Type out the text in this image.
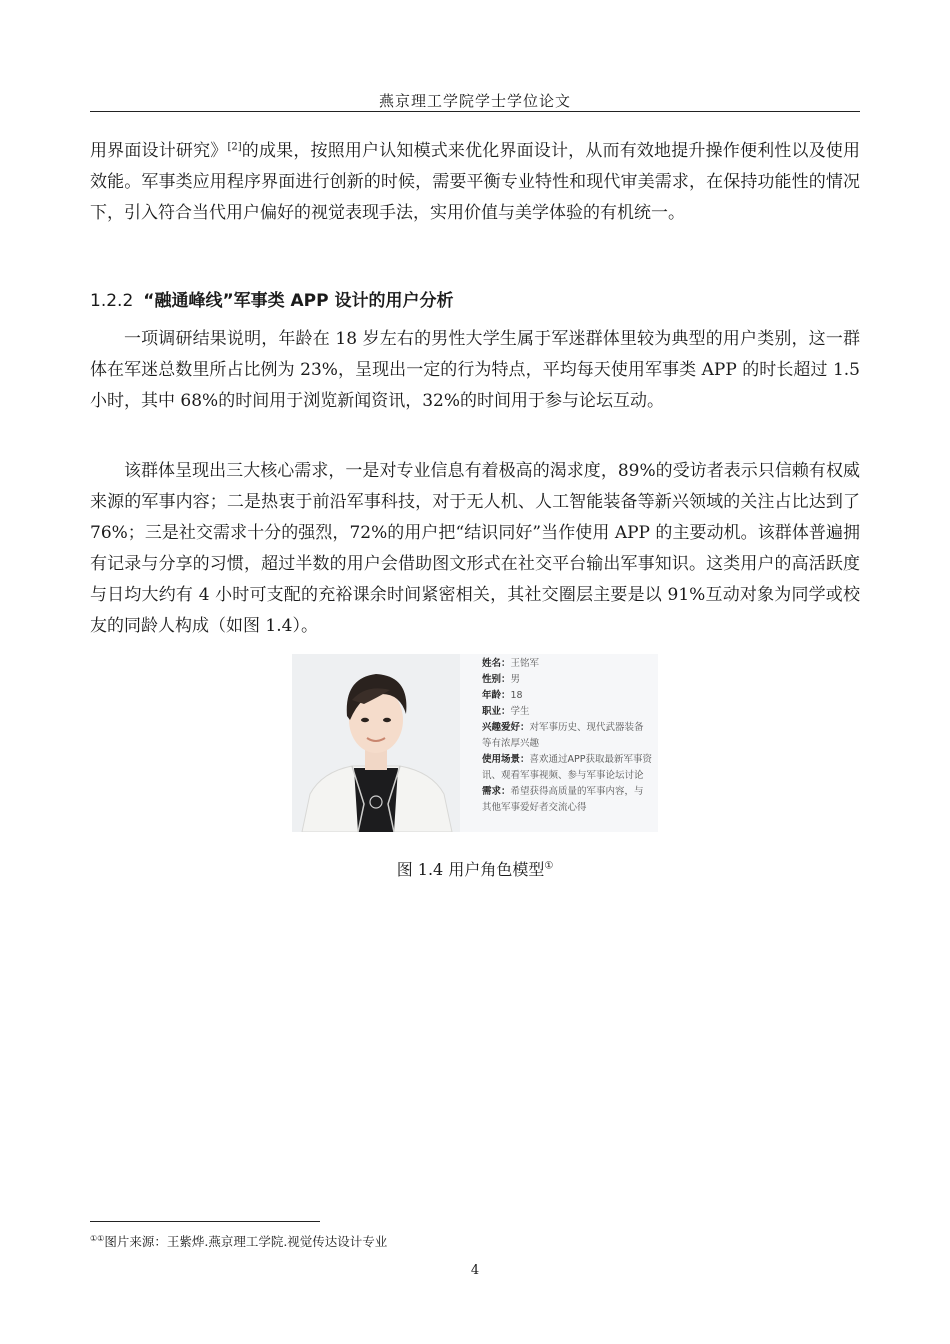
燕京理工学院学士学位论文
用界面设计研究》[2]的成果，按照用户认知模式来优化界面设计，从而有效地提升操作便利性以及使用效能。军事类应用程序界面进行创新的时候，需要平衡专业特性和现代审美需求，在保持功能性的情况下，引入符合当代用户偏好的视觉表现手法，实用价值与美学体验的有机统一。
1.2.2 “融通峰线”军事类 APP 设计的用户分析
一项调研结果说明，年龄在 18 岁左右的男性大学生属于军迷群体里较为典型的用户类别，这一群体在军迷总数里所占比例为 23%，呈现出一定的行为特点，平均每天使用军事类 APP 的时长超过 1.5 小时，其中 68%的时间用于浏览新闻资讯，32%的时间用于参与论坛互动。
该群体呈现出三大核心需求，一是对专业信息有着极高的渴求度，89%的受访者表示只信赖有权威来源的军事内容；二是热衷于前沿军事科技，对于无人机、人工智能装备等新兴领域的关注占比达到了 76%；三是社交需求十分的强烈，72%的用户把“结识同好”当作使用 APP 的主要动机。该群体普遍拥有记录与分享的习惯，超过半数的用户会借助图文形式在社交平台输出军事知识。这类用户的高活跃度与日均大约有 4 小时可支配的充裕课余时间紧密相关，其社交圈层主要是以 91%互动对象为同学或校友的同龄人构成（如图 1.4）。
姓名：王铭军
性别：男
年龄：18
职业：学生
兴趣爱好：对军事历史、现代武器装备等有浓厚兴趣
使用场景：喜欢通过APP获取最新军事资讯、观看军事视频、参与军事论坛讨论
需求：希望获得高质量的军事内容，与其他军事爱好者交流心得
图 1.4 用户角色模型①
①①图片来源：王紫烨.燕京理工学院.视觉传达设计专业
4
